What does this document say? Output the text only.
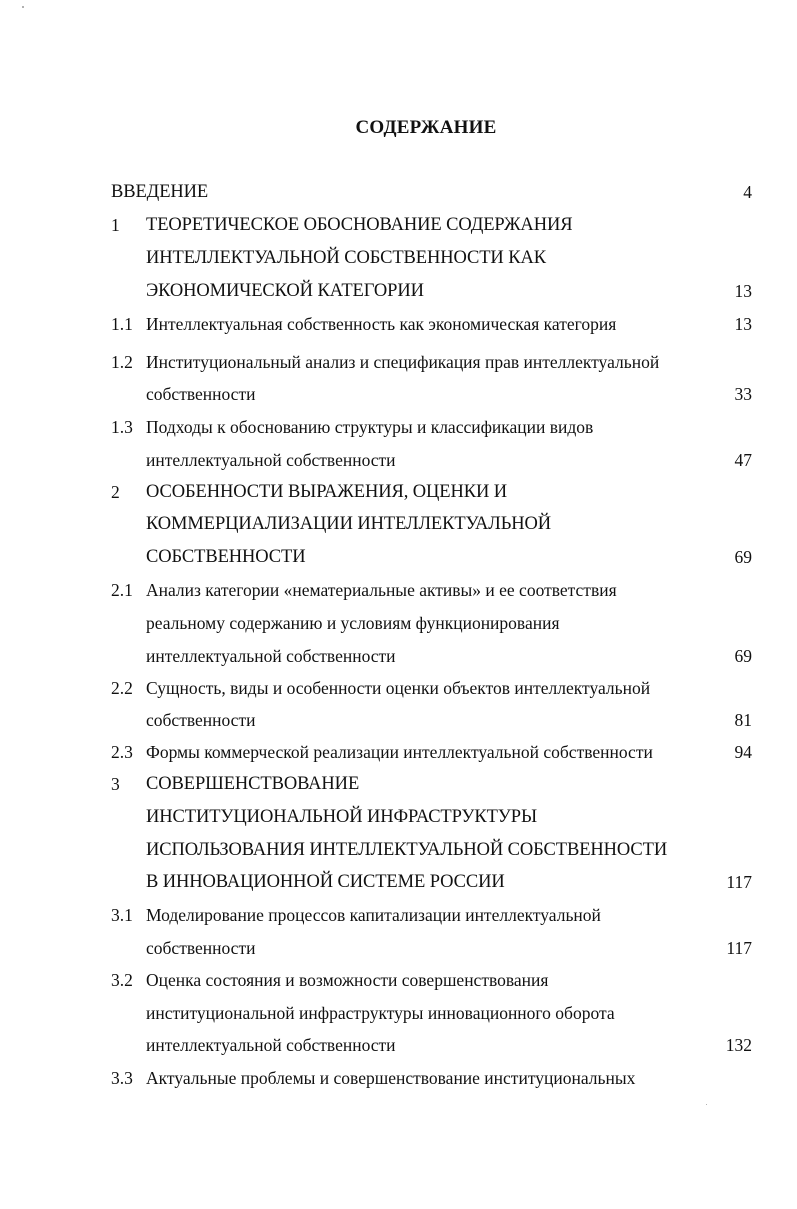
СОДЕРЖАНИЕ
ВВЕДЕНИЕ	4
1 ТЕОРЕТИЧЕСКОЕ ОБОСНОВАНИЕ СОДЕРЖАНИЯ
ИНТЕЛЛЕКТУАЛЬНОЙ СОБСТВЕННОСТИ КАК
ЭКОНОМИЧЕСКОЙ КАТЕГОРИИ	13
1.1 Интеллектуальная собственность как экономическая категория	13
1.2 Институциональный анализ и спецификация прав интеллектуальной
собственности	33
1.3 Подходы к обоснованию структуры и классификации видов
интеллектуальной собственности	47
2 ОСОБЕННОСТИ ВЫРАЖЕНИЯ, ОЦЕНКИ И
КОММЕРЦИАЛИЗАЦИИ ИНТЕЛЛЕКТУАЛЬНОЙ
СОБСТВЕННОСТИ	69
2.1 Анализ категории «нематериальные активы» и ее соответствия
реальному содержанию и условиям функционирования
интеллектуальной собственности	69
2.2 Сущность, виды и особенности оценки объектов интеллектуальной
собственности	81
2.3 Формы коммерческой реализации интеллектуальной собственности	94
3 СОВЕРШЕНСТВОВАНИЕ
ИНСТИТУЦИОНАЛЬНОЙ ИНФРАСТРУКТУРЫ
ИСПОЛЬЗОВАНИЯ ИНТЕЛЛЕКТУАЛЬНОЙ СОБСТВЕННОСТИ
В ИННОВАЦИОННОЙ СИСТЕМЕ РОССИИ	117
3.1 Моделирование процессов капитализации интеллектуальной
собственности	117
3.2 Оценка состояния и возможности совершенствования
институциональной инфраструктуры инновационного оборота
интеллектуальной собственности	132
3.3 Актуальные проблемы и совершенствование институциональных
